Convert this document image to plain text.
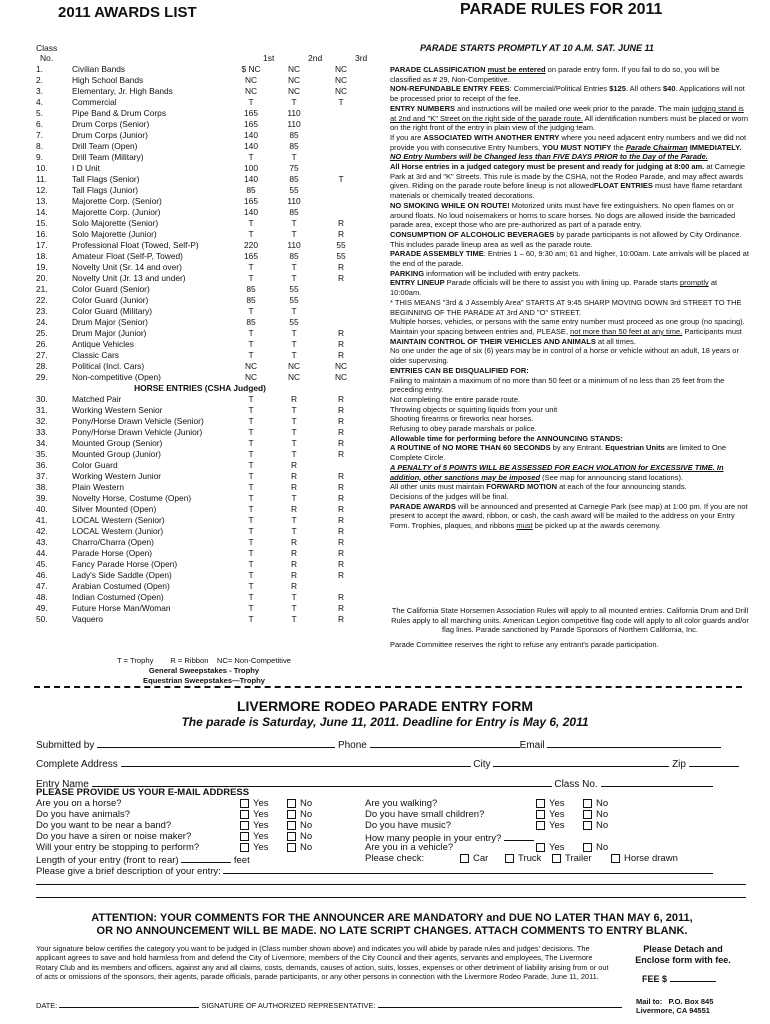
2011 AWARDS LIST
Class
No.	1st	2nd	3rd
1.	Civilian Bands	$ NC	NC	NC
2.	High School Bands	NC	NC	NC
3.	Elementary, Jr. High Bands	NC	NC	NC
4.	Commercial	T	T	T
5.	Pipe Band & Drum Corps	165	110	
6.	Drum Corps (Senior)	165	110	
7.	Drum Corps (Junior)	140	85	
8.	Drill Team (Open)	140	85	
9.	Drill Team (Military)	T	T	
10.	I D Unit	100	75	
11.	Tall Flags (Senior)	140	85	T
12.	Tall Flags (Junior)	85	55	
13.	Majorette Corp. (Senior)	165	110	
14.	Majorette Corp. (Junior)	140	85	
15.	Solo Majorette (Senior)	T	T	R
16.	Solo Majorette (Junior)	T	T	R
17.	Professional Float (Towed, Self-P)	220	110	55
18.	Amateur Float (Self-P, Towed)	165	85	55
19.	Novelty Unit (Sr. 14 and over)	T	T	R
20.	Novelty Unit (Jr. 13 and under)	T	T	R
21.	Color Guard (Senior)	85	55	
22.	Color Guard (Junior)	85	55	
23.	Color Guard (Military)	T	T	
24.	Drum Major (Senior)	85	55	
25.	Drum Major (Junior)	T	T	R
26.	Antique Vehicles	T	T	R
27.	Classic Cars	T	T	R
28.	Political (Incl. Cars)	NC	NC	NC
29.	Non-competitive (Open)	NC	NC	NC
HORSE ENTRIES (CSHA Judged)				
30.	Matched Pair	T	R	R
31.	Working Western Senior	T	T	R
32.	Pony/Horse Drawn Vehicle (Senior)	T	T	R
33.	Pony/Horse Drawn Vehicle (Junior)	T	T	R
34.	Mounted Group (Senior)	T	T	R
35.	Mounted Group (Junior)	T	T	R
36.	Color Guard	T	R	
37.	Working Western Junior	T	R	R
38.	Plain Western	T	R	R
39.	Novelty Horse, Costume (Open)	T	T	R
40.	Silver Mounted (Open)	T	R	R
41.	LOCAL Western (Senior)	T	T	R
42.	LOCAL Western (Junior)	T	T	R
43.	Charro/Charra (Open)	T	R	R
44.	Parade Horse (Open)	T	R	R
45.	Fancy Parade Horse (Open)	T	R	R
46.	Lady's Side Saddle (Open)	T	R	R
47.	Arabian Costumed (Open)	T	R	
48.	Indian Costumed (Open)	T	T	R
49.	Future Horse Man/Woman	T	T	R
50.	Vaquero	T	T	R
T = Trophy        R = Ribbon    NC= Non-Competitive
General Sweepstakes - Trophy
Equestrian Sweepstakes—Trophy
PARADE RULES FOR 2011
PARADE STARTS PROMPTLY AT 10 A.M. SAT. JUNE 11

PARADE CLASSIFICATION must be entered on parade entry form. If you fail to do so, you will be classified as # 29, Non-Competitive.

NON-REFUNDABLE ENTRY FEES: Commercial/Political Entries $125. All others $40. Applications will not be processed prior to receipt of the fee.

ENTRY NUMBERS and instructions will be mailed one week prior to the parade. The main judging stand is at 2nd and "K" Street on the right side of the parade route. All identification numbers must be placed or worn on the right front of the entry in plain view of the judging team.

If you are ASSOCIATED WITH ANOTHER ENTRY where you need adjacent entry numbers and we did not provide you with consecutive Entry Numbers, YOU MUST NOTIFY the Parade Chairman IMMEDIATELY. NO Entry Numbers will be Changed less than FIVE DAYS PRIOR to the Day of the Parade.

All Horse entries in a judged category must be present and ready for judging at 8:00 am. at Carnegie Park at 3rd and "K" Streets. This rule is made by the CSHA, not the Rodeo Parade, and may affect awards given. Riding on the parade route before lineup is not allowedFLOAT ENTRIES must have flame retardant materials or chemically treated decorations.

NO SMOKING WHILE ON ROUTE! Motorized units must have fire extinguishers. No open flames on or around floats. No loud noisemakers or horns to scare horses. No dogs are allowed inside the barricaded parade area, except those who are pre-authorized as part of a parade entry.

CONSUMPTION OF ALCOHOLIC BEVERAGES by parade participants is not allowed by City Ordinance. This includes parade lineup area as well as the parade route.

PARADE ASSEMBLY TIME: Entries 1 – 60, 9:30 am; 61 and higher, 10:00am. Late arrivals will be placed at the end of the parade.

PARKING information will be included with entry packets.

ENTRY LINEUP Parade officials will be there to assist you with lining up. Parade starts promptly at 10:00am.

* THIS MEANS "3rd & J Assembly Area" STARTS AT 9:45 SHARP MOVING DOWN 3rd STREET TO THE BEGINNING OF THE PARADE AT 3rd AND "O" STREET.

Multiple horses, vehicles, or persons with the same entry number must proceed as one group (no spacing).

Maintain your spacing between entries and, PLEASE, not more than 50 feet at any time. Participants must MAINTAIN CONTROL OF THEIR VEHICLES AND ANIMALS at all times.

No one under the age of six (6) years may be in control of a horse or vehicle without an adult, 18 years or older supervising.

ENTRIES CAN BE DISQUALIFIED FOR:

Failing to maintain a maximum of no more than 50 feet or a minimum of no less than 25 feet from the preceding entry.

Not completing the entire parade route.

Throwing objects or squirting liquids from your unit

Shooting firearms or fireworks near horses.

Refusing to obey parade marshals or police.

Allowable time for performing before the ANNOUNCING STANDS:

A ROUTINE of NO MORE THAN 60 SECONDS by any Entrant. Equestrian Units are limited to One Complete Circle.

A PENALTY of 5 POINTS WILL BE ASSESSED FOR EACH VIOLATION for EXCESSIVE TIME. In addition, other sanctions may be imposed (See map for announcing stand locations).

All other units must maintain FORWARD MOTION at each of the four announcing stands.

Decisions of the judges will be final.

PARADE AWARDS will be announced and presented at Carnegie Park (see map) at 1:00 pm. If you are not present to accept the award, ribbon, or cash, the cash award will be mailed to the address on your Entry Form. Trophies, plaques, and ribbons must be picked up at the awards ceremony.

The California State Horsemen Association Rules will apply to all mounted entries. California Drum and Drill Rules apply to all marching units. American Legion competitive flag code will apply to all color guards and/or flag lines. Parade sanctioned by Parade Sponsors of Northern California, Inc.

Parade Committee reserves the right to refuse any entrant's parade participation.

LIVERMORE RODEO PARADE ENTRY FORM
The parade is Saturday, June 11, 2011. Deadline for Entry is May 6, 2011
Submitted by	Phone	Email
Complete Address	City	Zip
Entry Name	Class No.
PLEASE PROVIDE US YOUR E-MAIL ADDRESS
Are you on a horse?	Yes	No
Do you have animals?	Yes	No
Do you want to be near a band?	Yes	No
Do you have a siren or noise maker?	Yes	No
Will your entry be stopping to perform?	Yes	No
Are you walking?	Yes	No
Do you have small children?	Yes	No
Do you have music?	Yes	No
How many people in your entry?
Are you in a vehicle?	Yes	No
Length of your entry (front to rear)	feet	Please check:	Car	Truck Trailer	Horse drawn
Please give a brief description of your entry:
ATTENTION: YOUR COMMENTS FOR THE ANNOUNCER ARE MANDATORY and DUE NO LATER THAN MAY 6, 2011,
OR NO ANNOUNCEMENT WILL BE MADE. NO LATE SCRIPT CHANGES. ATTACH COMMENTS TO ENTRY BLANK.
Your signature below certifies the category you want to be judged in (Class number shown above) and indicates you will abide by parade rules and judges' decisions. The applicant agrees to save and hold harmless from and defend the City of Livermore, members of the City Council and their agents, servants and employees, The Livermore Rotary Club and its members and officers, against any and all claims, costs, demands, causes of action, suits, losses, expenses or other detriment of liability arising from or out of acts or omissions of the sponsors, their agents, parade officials, parade participants, or any other persons in connection with the Livermore Rodeo Parade, June 11, 2011.
DATE:	SIGNATURE OF AUTHORIZED REPRESENTATIVE:
Please Detach and
Enclose form with fee.
FEE $
Mail to:   P.O. Box 845
Livermore, CA 94551
